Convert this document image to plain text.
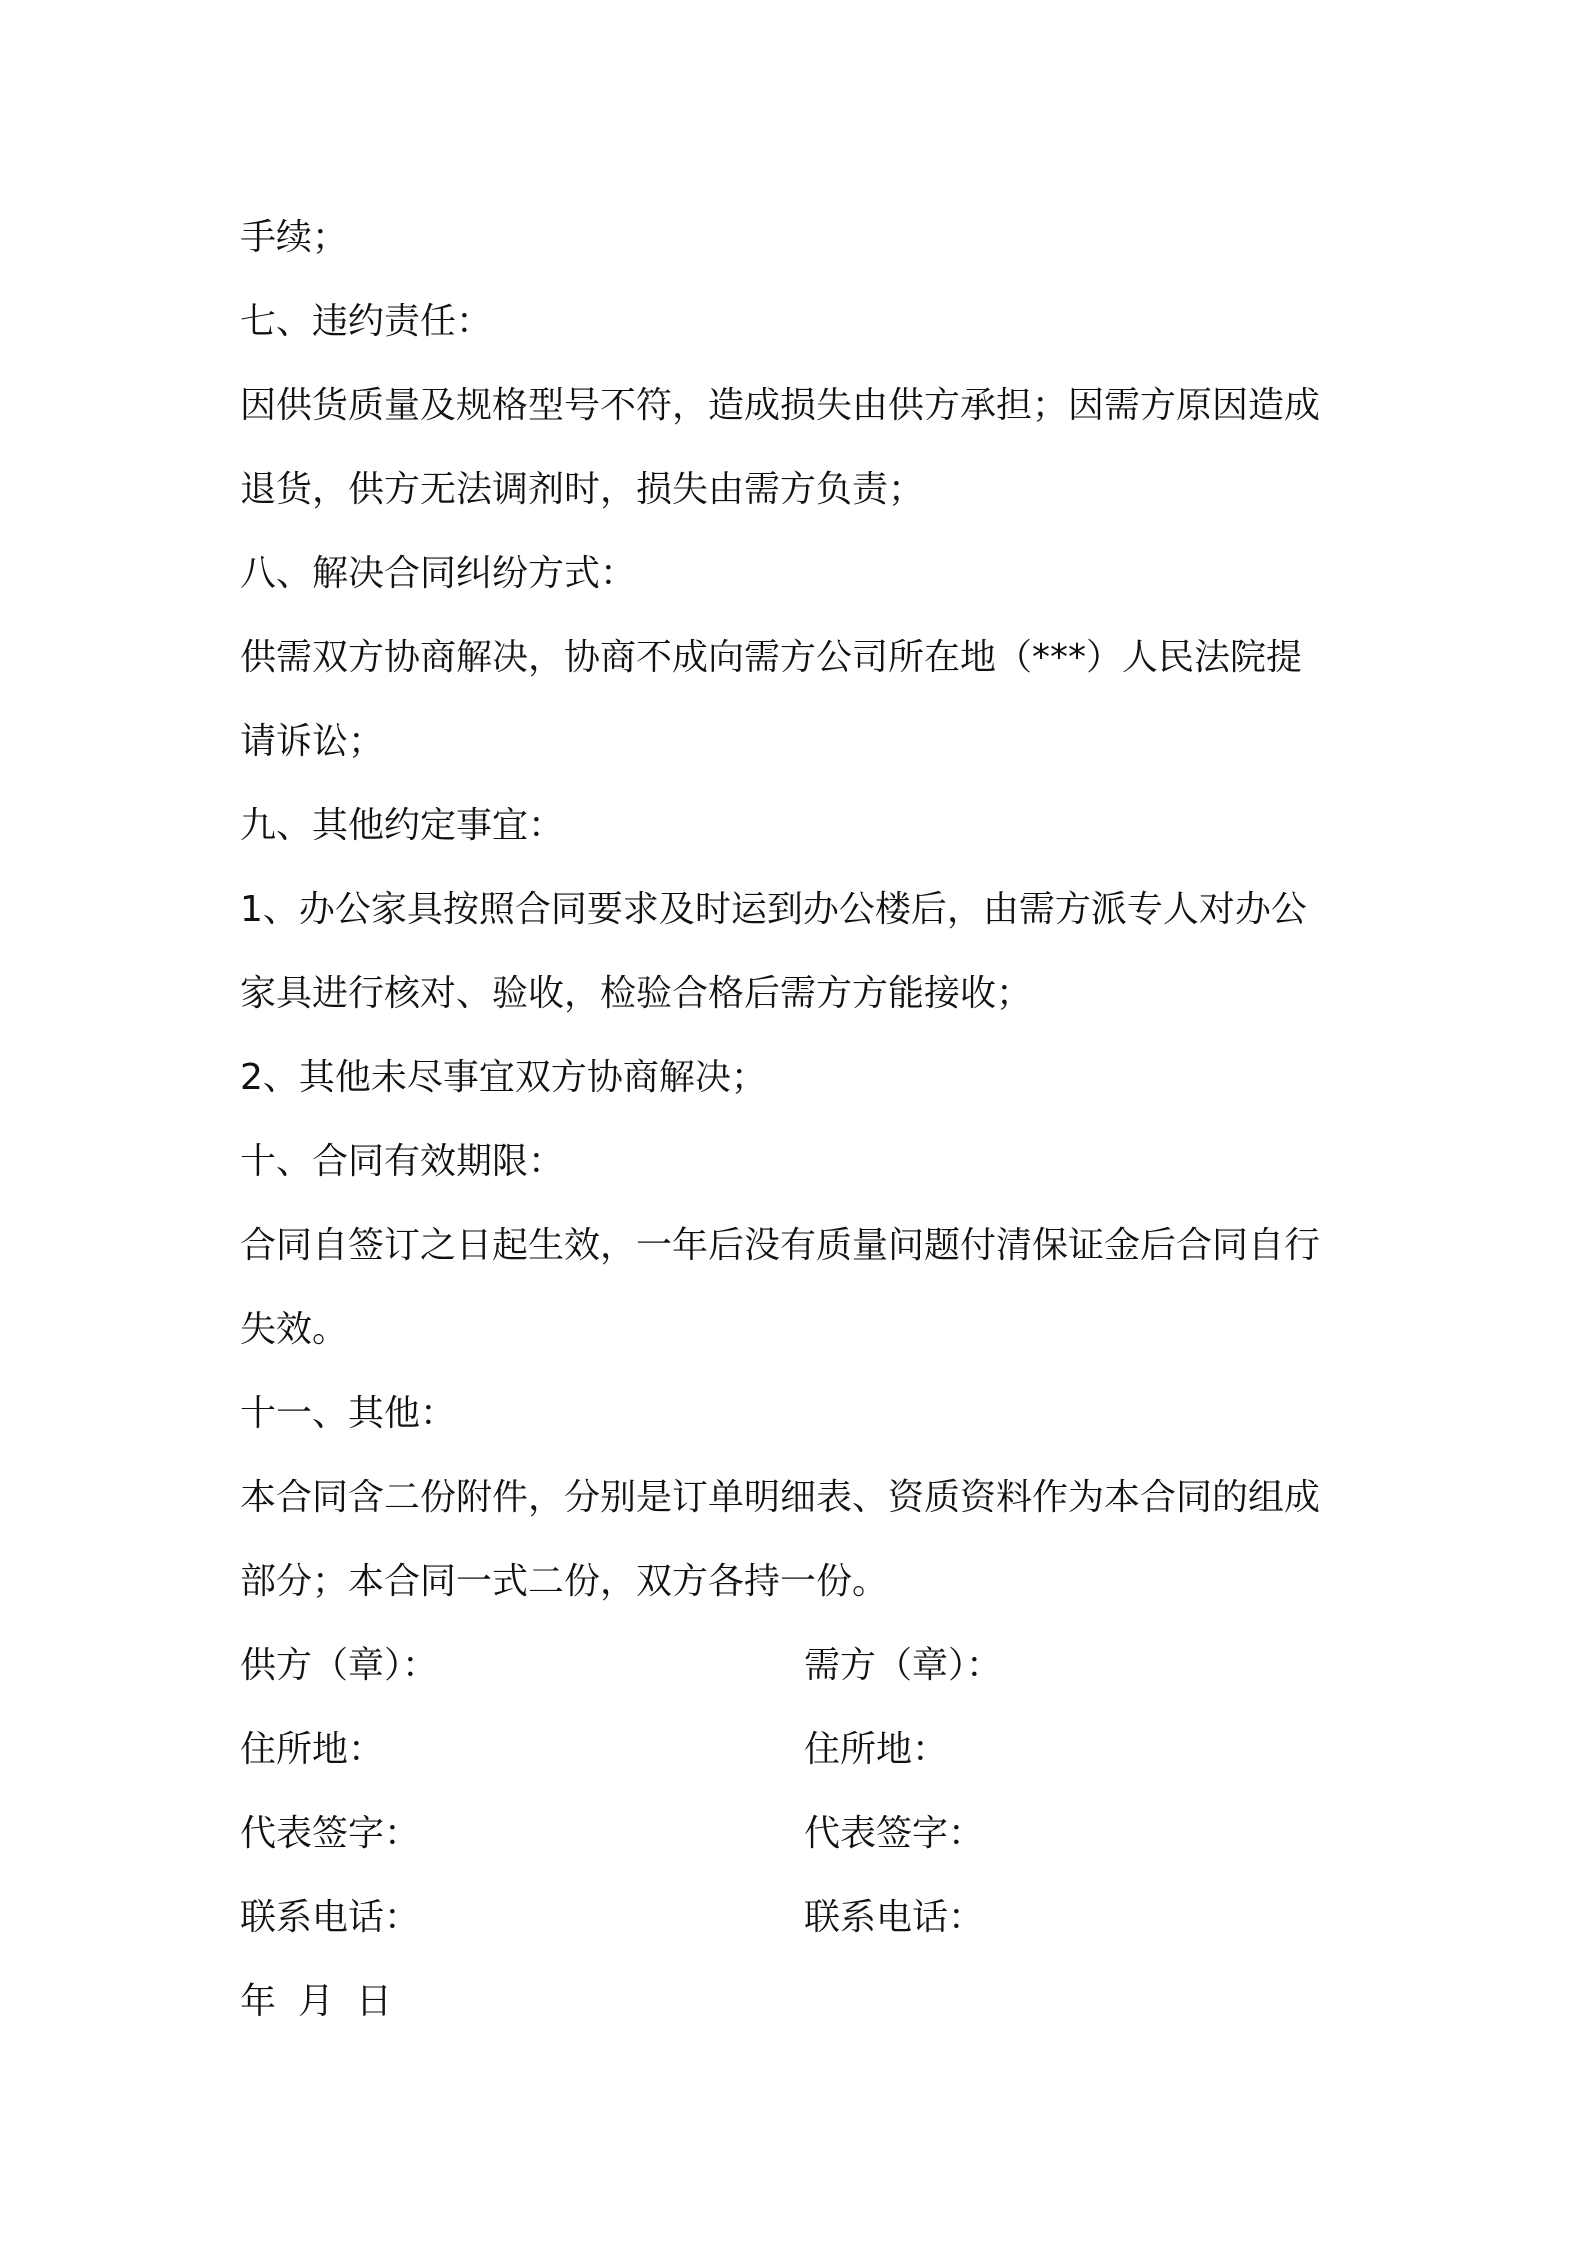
手续；

七、违约责任：

因供货质量及规格型号不符，造成损失由供方承担；因需方原因造成

退货，供方无法调剂时，损失由需方负责；

八、解决合同纠纷方式：

供需双方协商解决，协商不成向需方公司所在地（***）人民法院提

请诉讼；

九、其他约定事宜：

1、办公家具按照合同要求及时运到办公楼后，由需方派专人对办公

家具进行核对、验收，检验合格后需方方能接收；

2、其他未尽事宜双方协商解决；

十、合同有效期限：

合同自签订之日起生效，一年后没有质量问题付清保证金后合同自行

失效。

十一、其他：

本合同含二份附件，分别是订单明细表、资质资料作为本合同的组成

部分；本合同一式二份，双方各持一份。

供方（章）：	需方（章）：
住所地：	住所地：
代表签字：	代表签字：
联系电话：	联系电话：

年 月 日
